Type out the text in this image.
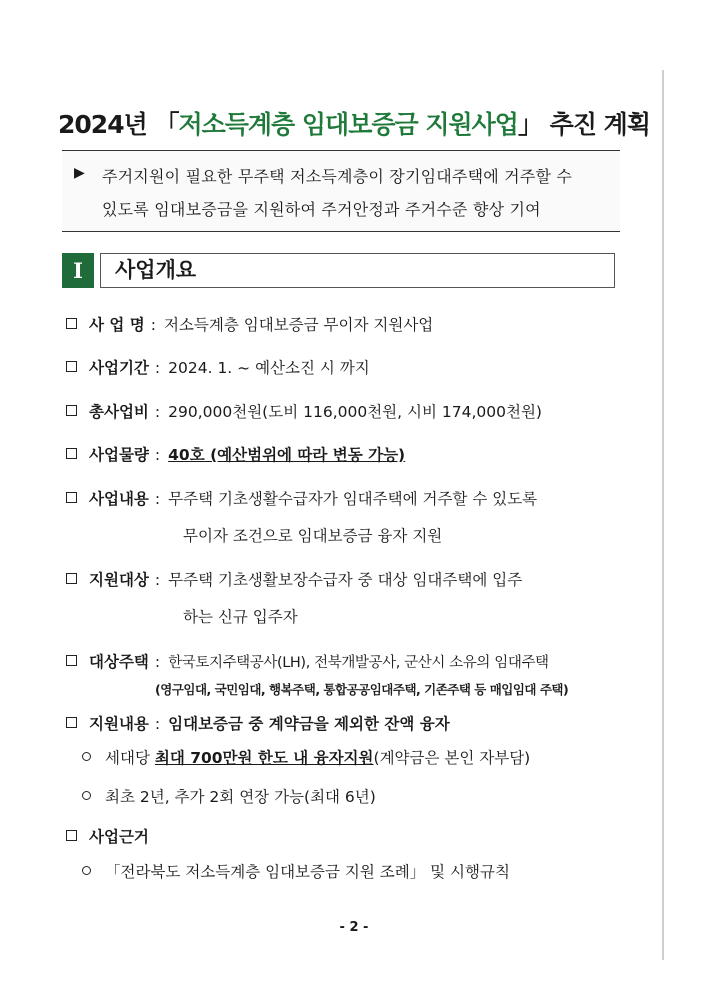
2024년 「저소득계층 임대보증금 지원사업」 추진 계획
▶ 주거지원이 필요한 무주택 저소득계층이 장기임대주택에 거주할 수
있도록 임대보증금을 지원하여 주거안정과 주거수준 향상 기여
I	사업개요
사 업 명 : 저소득계층 임대보증금 무이자 지원사업
사업기간 : 2024. 1. ~ 예산소진 시 까지
총사업비 : 290,000천원(도비 116,000천원, 시비 174,000천원)
사업물량 : 40호 (예산범위에 따라 변동 가능)
사업내용 : 무주택 기초생활수급자가 임대주택에 거주할 수 있도록
무이자 조건으로 임대보증금 융자 지원
지원대상 : 무주택 기초생활보장수급자 중 대상 임대주택에 입주
하는 신규 입주자
대상주택 : 한국토지주택공사(LH), 전북개발공사, 군산시 소유의 임대주택
(영구임대, 국민임대, 행복주택, 통합공공임대주택, 기존주택 등 매입임대 주택)
지원내용 : 임대보증금 중 계약금을 제외한 잔액 융자
세대당 최대 700만원 한도 내 융자지원(계약금은 본인 자부담)
최초 2년, 추가 2회 연장 가능(최대 6년)
사업근거
「전라북도 저소득계층 임대보증금 지원 조례」 및 시행규칙
- 2 -
